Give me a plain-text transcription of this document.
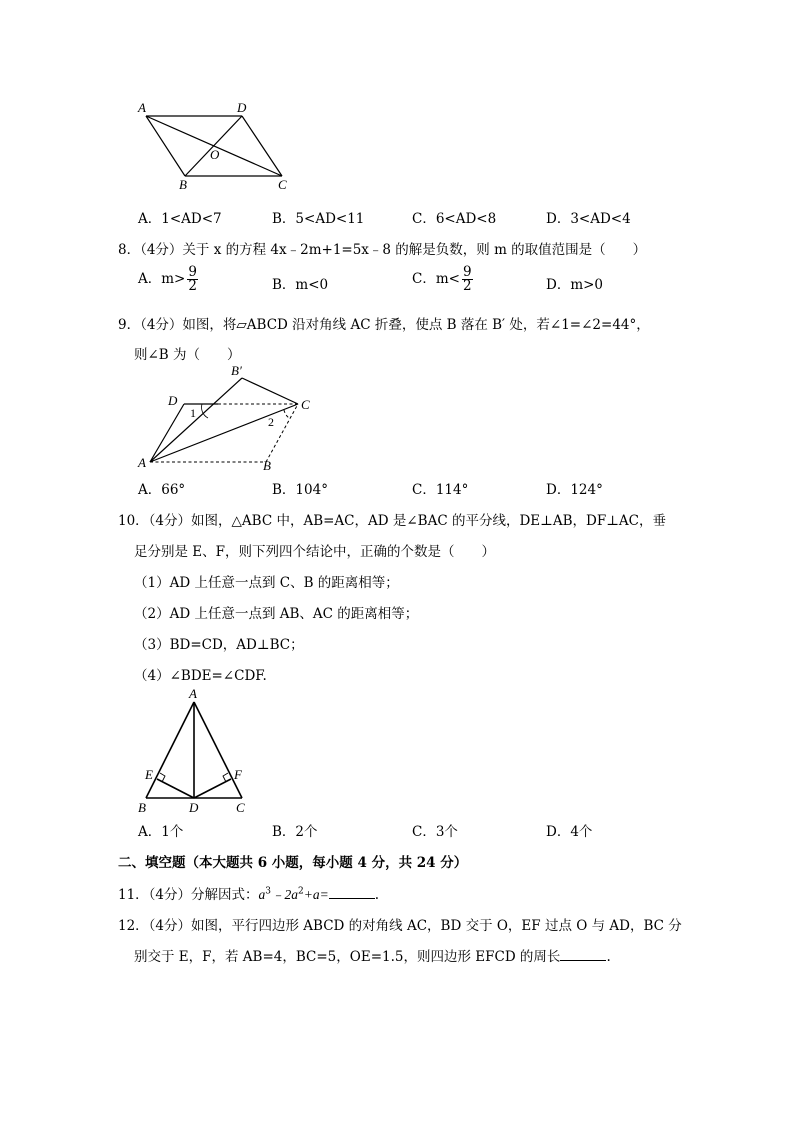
A	D
O
B	C
A．1<AD<7	B．5<AD<11	C．6<AD<8	D．3<AD<4
8．（4分）关于 x 的方程 4x﹣2m+1=5x﹣8 的解是负数，则 m 的取值范围是（　　）
A．$m> \frac{9}{2}$	B．m<0	C．$m< \frac{9}{2}$	D．m>0
9．（4分）如图，将▱ABCD 沿对角线 AC 折叠，使点 B 落在 B′ 处，若∠1=∠2=44°，
则∠B 为（　　）
B′
D	C
1
2
A	B
A．66°	B．104°	C．114°	D．124°
10．（4分）如图，△ABC 中，AB=AC，AD 是∠BAC 的平分线，DE⊥AB，DF⊥AC，垂
足分别是 E、F，则下列四个结论中，正确的个数是（　　）
（1）AD 上任意一点到 C、B 的距离相等；
（2）AD 上任意一点到 AB、AC 的距离相等；
（3）BD=CD，AD⊥BC；
（4）∠BDE=∠CDF.
A
E	F
B	D	C
A．1个	B．2个	C．3个	D．4个
二、填空题（本大题共 6 小题，每小题 4 分，共 24 分）
11．（4分）分解因式：$a^3﹣2a^2+a=$	.
12．（4分）如图，平行四边形 ABCD 的对角线 AC，BD 交于 O，EF 过点 O 与 AD，BC 分
别交于 E，F，若 AB=4，BC=5，OE=1.5，则四边形 EFCD 的周长	.
